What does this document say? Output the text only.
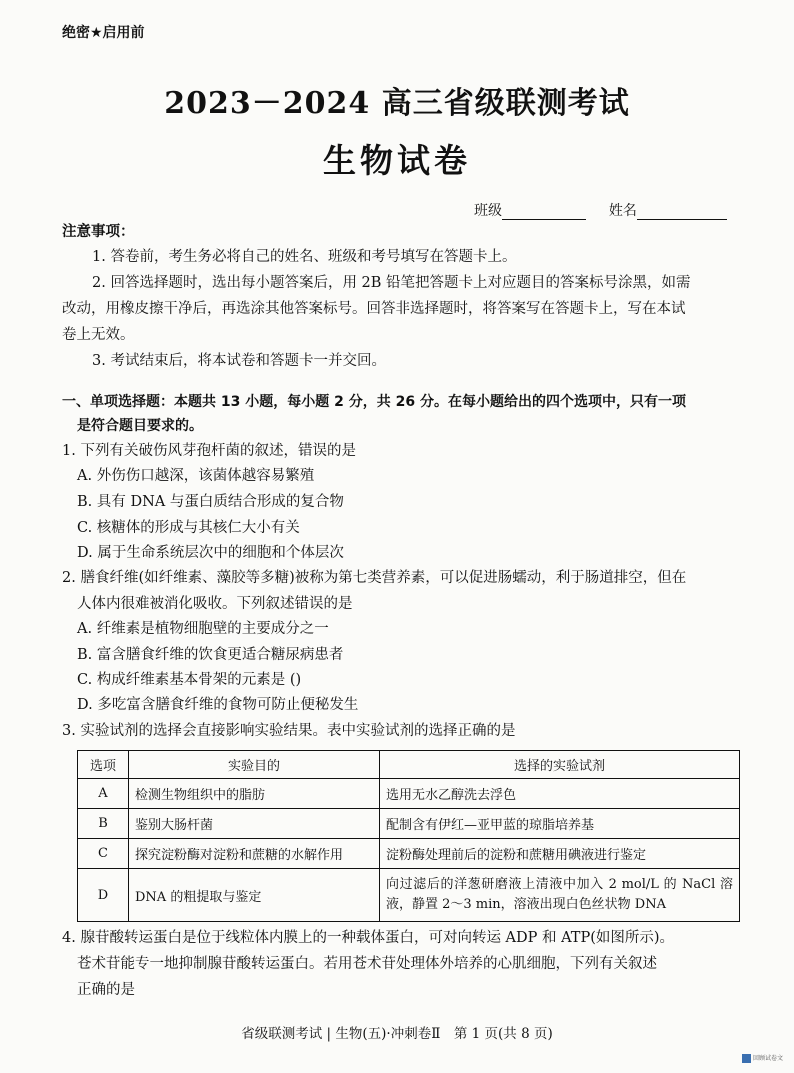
绝密★启用前
2023－2024 高三省级联测考试
生物试卷
班级	姓名
注意事项：
1. 答卷前，考生务必将自己的姓名、班级和考号填写在答题卡上。
2. 回答选择题时，选出每小题答案后，用 2B 铅笔把答题卡上对应题目的答案标号涂黑，如需
改动，用橡皮擦干净后，再选涂其他答案标号。回答非选择题时，将答案写在答题卡上，写在本试
卷上无效。
3. 考试结束后，将本试卷和答题卡一并交回。
一、单项选择题：本题共 13 小题，每小题 2 分，共 26 分。在每小题给出的四个选项中，只有一项
是符合题目要求的。
1. 下列有关破伤风芽孢杆菌的叙述，错误的是
A. 外伤伤口越深，该菌体越容易繁殖
B. 具有 DNA 与蛋白质结合形成的复合物
C. 核糖体的形成与其核仁大小有关
D. 属于生命系统层次中的细胞和个体层次
2. 膳食纤维(如纤维素、藻胶等多糖)被称为第七类营养素，可以促进肠蠕动，利于肠道排空，但在
人体内很难被消化吸收。下列叙述错误的是
A. 纤维素是植物细胞壁的主要成分之一
B. 富含膳食纤维的饮食更适合糖尿病患者
C. 构成纤维素基本骨架的元素是 ()
D. 多吃富含膳食纤维的食物可防止便秘发生
3. 实验试剂的选择会直接影响实验结果。表中实验试剂的选择正确的是
选项	实验目的	选择的实验试剂
A	检测生物组织中的脂肪	选用无水乙醇洗去浮色
B	鉴别大肠杆菌	配制含有伊红—亚甲蓝的琼脂培养基
C	探究淀粉酶对淀粉和蔗糖的水解作用	淀粉酶处理前后的淀粉和蔗糖用碘液进行鉴定
D	DNA 的粗提取与鉴定	向过滤后的洋葱研磨液上清液中加入 2 mol/L 的 NaCl 溶液，静置 2～3 min，溶液出现白色丝状物 DNA
4. 腺苷酸转运蛋白是位于线粒体内膜上的一种载体蛋白，可对向转运 ADP 和 ATP(如图所示)。
苍术苷能专一地抑制腺苷酸转运蛋白。若用苍术苷处理体外培养的心肌细胞，下列有关叙述
正确的是
省级联测考试 | 生物(五)·冲刺卷Ⅱ　第 1 页(共 8 页)
回顾试卷文
